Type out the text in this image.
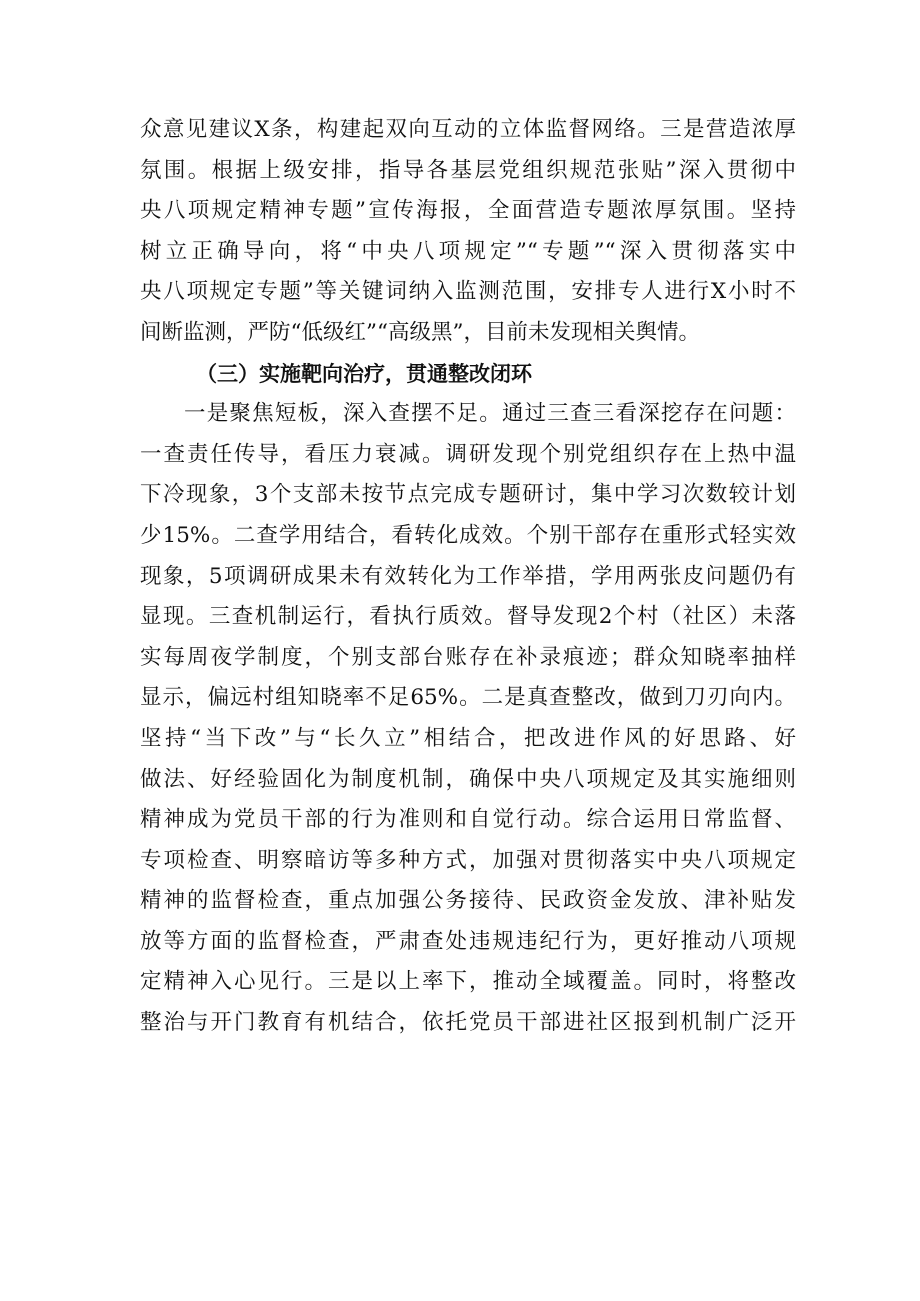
众意见建议X条，构建起双向互动的立体监督网络。三是营造浓厚
氛围。根据上级安排，指导各基层党组织规范张贴”深入贯彻中
央八项规定精神专题”宣传海报，全面营造专题浓厚氛围。坚持
树立正确导向，将“中央八项规定”“专题”“深入贯彻落实中
央八项规定专题”等关键词纳入监测范围，安排专人进行X小时不
间断监测，严防“低级红”“高级黑”，目前未发现相关舆情。
（三）实施靶向治疗，贯通整改闭环
一是聚焦短板，深入查摆不足。通过三查三看深挖存在问题：
一查责任传导，看压力衰减。调研发现个别党组织存在上热中温
下冷现象，3个支部未按节点完成专题研讨，集中学习次数较计划
少15%。二查学用结合，看转化成效。个别干部存在重形式轻实效
现象，5项调研成果未有效转化为工作举措，学用两张皮问题仍有
显现。三查机制运行，看执行质效。督导发现2个村（社区）未落
实每周夜学制度，个别支部台账存在补录痕迹；群众知晓率抽样
显示，偏远村组知晓率不足65%。二是真查整改，做到刀刃向内。
坚持“当下改”与“长久立”相结合，把改进作风的好思路、好
做法、好经验固化为制度机制，确保中央八项规定及其实施细则
精神成为党员干部的行为准则和自觉行动。综合运用日常监督、
专项检查、明察暗访等多种方式，加强对贯彻落实中央八项规定
精神的监督检查，重点加强公务接待、民政资金发放、津补贴发
放等方面的监督检查，严肃查处违规违纪行为，更好推动八项规
定精神入心见行。三是以上率下，推动全域覆盖。同时，将整改
整治与开门教育有机结合，依托党员干部进社区报到机制广泛开
